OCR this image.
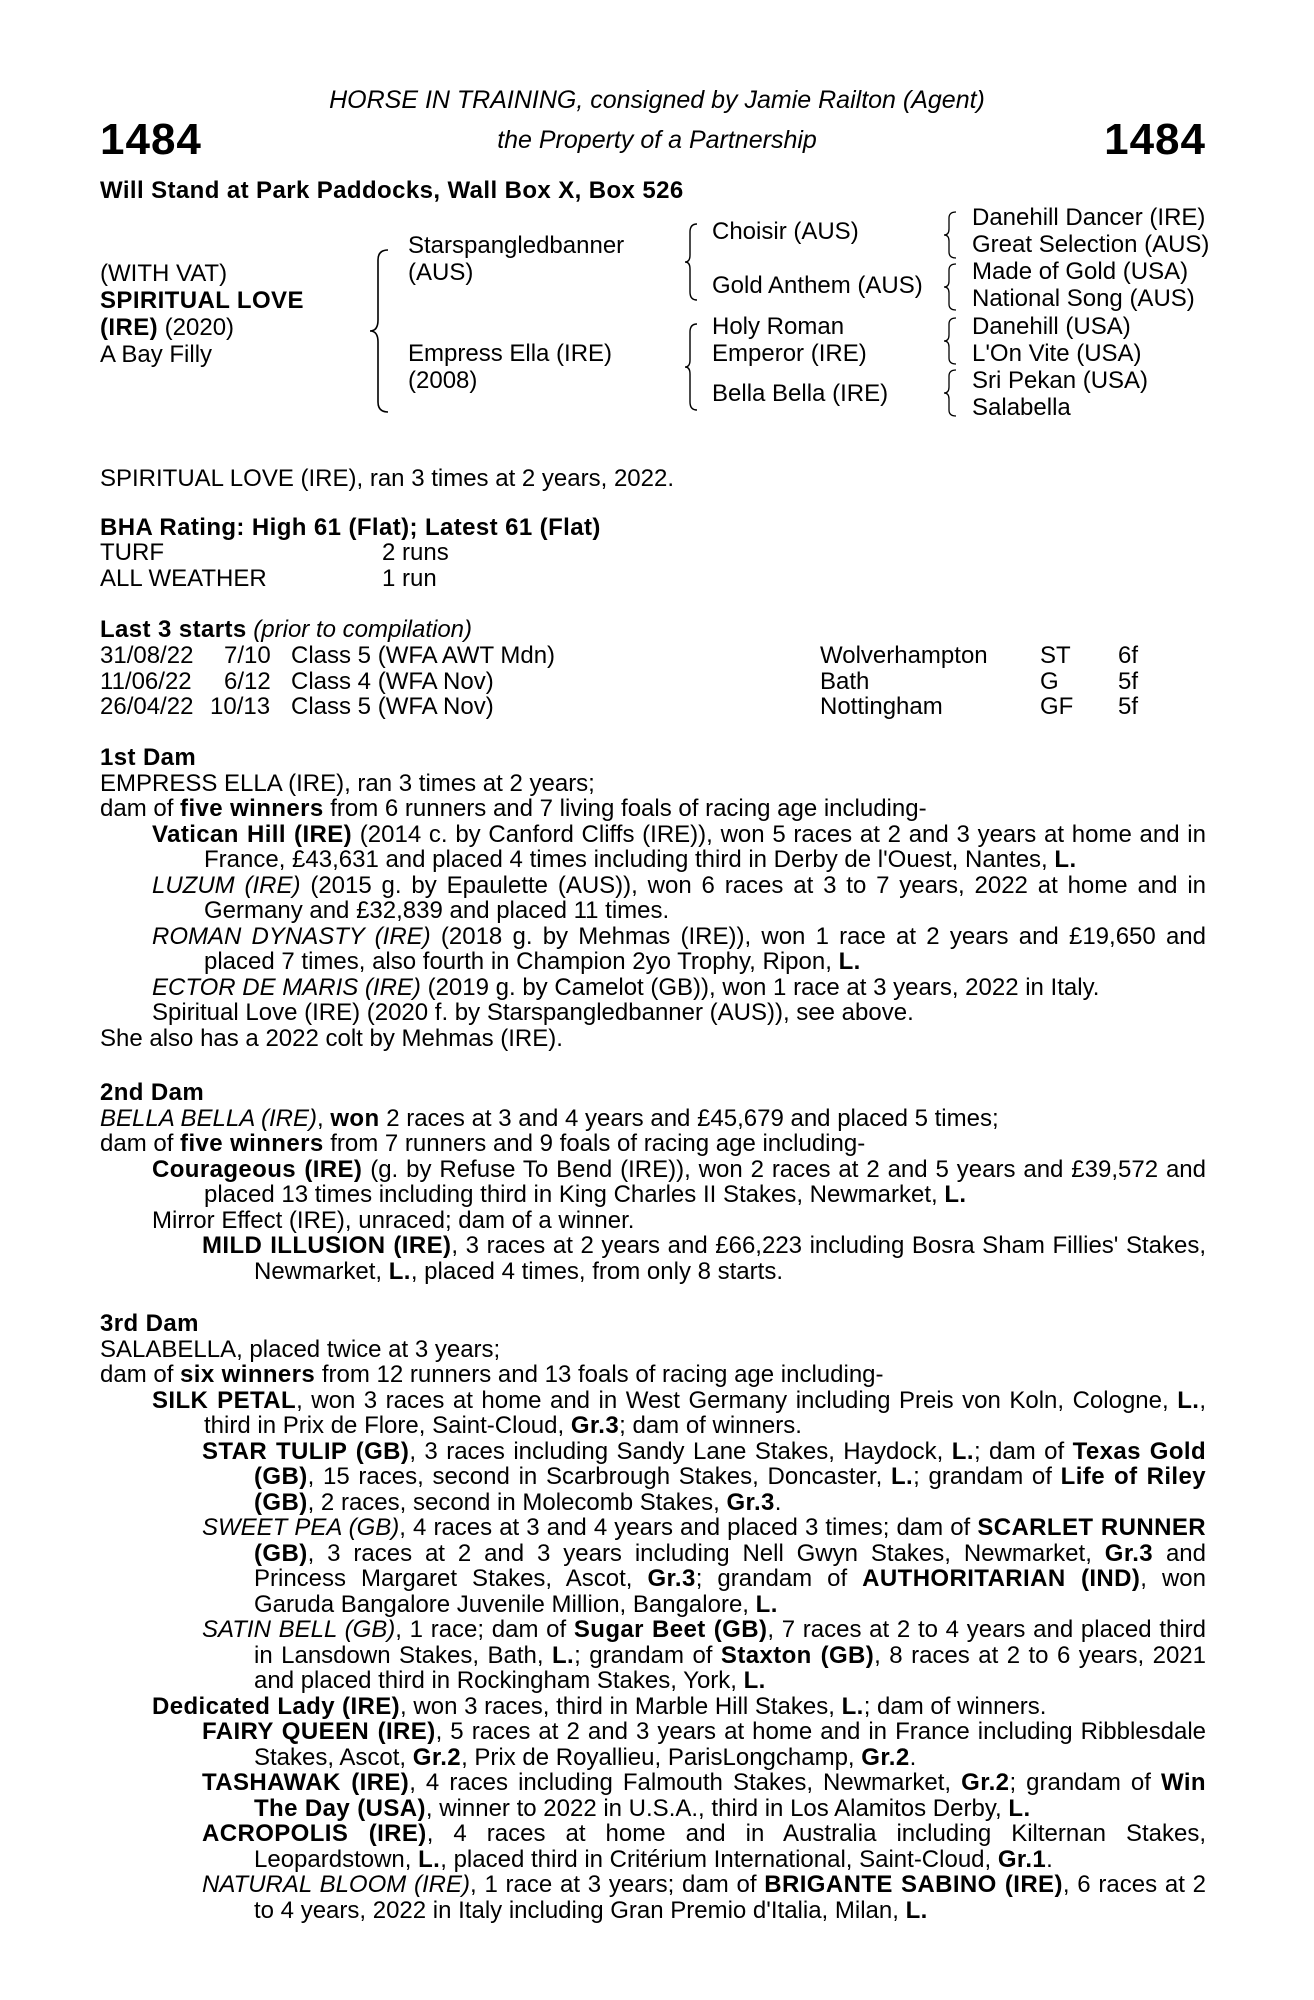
HORSE IN TRAINING, consigned by Jamie Railton (Agent)
the Property of a Partnership
1484	1484
Will Stand at Park Paddocks, Wall Box X, Box 526
(WITH VAT)
SPIRITUAL LOVE
(IRE) (2020)
A Bay Filly
Starspangledbanner
(AUS)
Empress Ella (IRE)
(2008)
Choisir (AUS)
Gold Anthem (AUS)
Holy Roman
Emperor (IRE)
Bella Bella (IRE)
Danehill Dancer (IRE)
Great Selection (AUS)
Made of Gold (USA)
National Song (AUS)
Danehill (USA)
L'On Vite (USA)
Sri Pekan (USA)
Salabella
SPIRITUAL LOVE (IRE), ran 3 times at 2 years, 2022.
BHA Rating: High 61 (Flat); Latest 61 (Flat)
TURF	2 runs
ALL WEATHER	1 run
Last 3 starts (prior to compilation)
31/08/22 7/10 Class 5 (WFA AWT Mdn)	Wolverhampton ST 6f
11/06/22 6/12 Class 4 (WFA Nov)	Bath	G 5f
26/04/22 10/13 Class 5 (WFA Nov)	Nottingham	GF 5f
1st Dam
EMPRESS ELLA (IRE), ran 3 times at 2 years;
dam of five winners from 6 runners and 7 living foals of racing age including-
Vatican Hill (IRE) (2014 c. by Canford Cliffs (IRE)), won 5 races at 2 and 3 years at home and in France, £43,631 and placed 4 times including third in Derby de l'Ouest, Nantes, L.
LUZUM (IRE) (2015 g. by Epaulette (AUS)), won 6 races at 3 to 7 years, 2022 at home and in Germany and £32,839 and placed 11 times.
ROMAN DYNASTY (IRE) (2018 g. by Mehmas (IRE)), won 1 race at 2 years and £19,650 and placed 7 times, also fourth in Champion 2yo Trophy, Ripon, L.
ECTOR DE MARIS (IRE) (2019 g. by Camelot (GB)), won 1 race at 3 years, 2022 in Italy.
Spiritual Love (IRE) (2020 f. by Starspangledbanner (AUS)), see above.
She also has a 2022 colt by Mehmas (IRE).
2nd Dam
BELLA BELLA (IRE), won 2 races at 3 and 4 years and £45,679 and placed 5 times;
dam of five winners from 7 runners and 9 foals of racing age including-
Courageous (IRE) (g. by Refuse To Bend (IRE)), won 2 races at 2 and 5 years and £39,572 and placed 13 times including third in King Charles II Stakes, Newmarket, L.
Mirror Effect (IRE), unraced; dam of a winner.
MILD ILLUSION (IRE), 3 races at 2 years and £66,223 including Bosra Sham Fillies' Stakes, Newmarket, L., placed 4 times, from only 8 starts.
3rd Dam
SALABELLA, placed twice at 3 years;
dam of six winners from 12 runners and 13 foals of racing age including-
SILK PETAL, won 3 races at home and in West Germany including Preis von Koln, Cologne, L., third in Prix de Flore, Saint-Cloud, Gr.3; dam of winners.
STAR TULIP (GB), 3 races including Sandy Lane Stakes, Haydock, L.; dam of Texas Gold (GB), 15 races, second in Scarbrough Stakes, Doncaster, L.; grandam of Life of Riley (GB), 2 races, second in Molecomb Stakes, Gr.3.
SWEET PEA (GB), 4 races at 3 and 4 years and placed 3 times; dam of SCARLET RUNNER (GB), 3 races at 2 and 3 years including Nell Gwyn Stakes, Newmarket, Gr.3 and Princess Margaret Stakes, Ascot, Gr.3; grandam of AUTHORITARIAN (IND), won Garuda Bangalore Juvenile Million, Bangalore, L.
SATIN BELL (GB), 1 race; dam of Sugar Beet (GB), 7 races at 2 to 4 years and placed third in Lansdown Stakes, Bath, L.; grandam of Staxton (GB), 8 races at 2 to 6 years, 2021 and placed third in Rockingham Stakes, York, L.
Dedicated Lady (IRE), won 3 races, third in Marble Hill Stakes, L.; dam of winners.
FAIRY QUEEN (IRE), 5 races at 2 and 3 years at home and in France including Ribblesdale Stakes, Ascot, Gr.2, Prix de Royallieu, ParisLongchamp, Gr.2.
TASHAWAK (IRE), 4 races including Falmouth Stakes, Newmarket, Gr.2; grandam of Win The Day (USA), winner to 2022 in U.S.A., third in Los Alamitos Derby, L.
ACROPOLIS (IRE), 4 races at home and in Australia including Kilternan Stakes, Leopardstown, L., placed third in Critérium International, Saint-Cloud, Gr.1.
NATURAL BLOOM (IRE), 1 race at 3 years; dam of BRIGANTE SABINO (IRE), 6 races at 2 to 4 years, 2022 in Italy including Gran Premio d'Italia, Milan, L.
